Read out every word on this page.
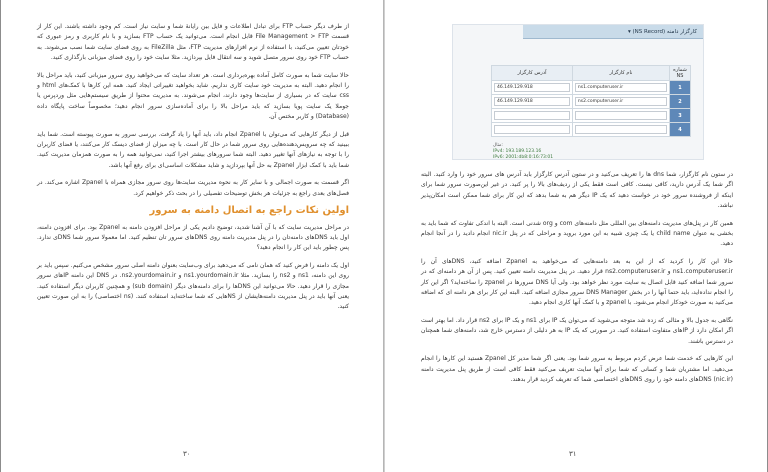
از طرف دیگر حساب FTP برای تبادل اطلاعات و فایل بین رایانهٔ شما و سایت نیاز است. کم وجود داشته باشند. این کار از قسمت File Management > FTP قابل انجام است. می‌توانید یک حساب FTP بسازید و با نام کاربری و رمز عبوری که خودتان تعیین می‌کنید، با استفاده از نرم افزارهای مدیریت FTP، مثل FileZilla به روی فضای سایت شما نصب می‌شوند. به حساب FTP خود روی سرور متصل شوید و سه انتقال فایل بپردازید. مثلا سایت خود را روی فضای میزبانی بارگذاری کنید.

حالا سایت شما به صورت کامل آماده بهره‌برداری است. هر تعداد سایت که می‌خواهید روی سرور میزبانی کنید، باید مراحل بالا را انجام دهید. البته به مدیریت خود سایت کاری نداریم. شاید بخواهید تغییراتی ایجاد کنید. همه این کارها با کمک‌های html و css سایت که در بسیاری از سایت‌ها وجود دارند، انجام می‌شوند. به مدیریت محتوا از طریق سیستم‌هایی مثل وردپرس یا جوملا یک سایت پویا بسازید که باید مراحل بالا را برای آماده‌سازی سرور انجام دهید؛ مخصوصاً ساخت پایگاه داده (Database) و کاربر مختص آن.

قبل از دیگر کارهایی که می‌توان با Zpanel انجام داد، باید آنها را یاد گرفت. بررسی سرور به صورت پیوسته است. شما باید ببینید که چه سرویس‌دهنده‌هایی روی سرور شما در حال کار است. با چه میزان از فضای دیسک کار می‌کنند، یا فضای کاربران را با توجه به نیازهای آنها تغییر دهید. البته شما سرورهای بیشتر اجرا کنید، نمی‌توانید همه را به صورت همزمان مدیریت کنید. شما باید با کمک ابزار Zpanel به حل آنها بپردازید و شاید مشکلات اساسی‌ای برای رفع آنها باشد.

اگر قسمت به صورت اجمالی و با سایر کار به نحوه مدیریت سایت‌ها روی سرور مجازی همراه با Zpanel اشاره می‌کند. در فصل‌های بعدی راجع به جزئیات هر بخش توضیحات تفصیلی را در بحث ذکر خواهیم کرد.

اولین نکات راجع به اتصال دامنه به سرور

در مراحل مدیریت سایت که با آن آشنا شدید، توضیح دادیم یکی از مراحل افزودن دامنه به Zpanel بود. برای افزودن دامنه، اول باید DNSهای دامنه‌تان را در پنل مدیریت دامنه روی DNSهای سرور تان تنظیم کنید. اما معمولا سرور شما DNSی ندارد. پس چطور باید این کار را انجام دهید؟

اول یک دامنه را فرض کنید که همان نامی که می‌دهید برای وب‌سایت بعنوان دامنه اصلی سرور مشخص می‌کنیم. سپس باید بر روی این دامنه، ns1 و ns2 را بسازید. مثلا ns1.yourdomain.ir و ns2.yourdomain.ir. در DNS این دامنه IPهای سرور مجازی را قرار دهید. حالا می‌توانید این DNSها را برای دامنه‌های دیگر (sub domain) و همچنین کاربران دیگر استفاده کنید. یعنی آنها باید در پنل مدیریت دامنه‌هایشان از NSهایی که شما ساخته‌اید استفاده کنند. (ns اختصاصی) را به این صورت تعیین کنید.

۳۰
کارگزار دامنه (NS Record) ▾
شماره NS	نام کارگزار	آدرس کارگزار
1	ns1.computeruser.ir	46.149.129.918

2	ns2.computeruser.ir	46.149.129.918

3	

4	

مثال:
IPv4: 193.189.123.16
IPv6: 2001:db8:0:16:73:01

در ستون نام کارگزار، شما dns ها را تعریف می‌کنید و در ستون آدرس کارگزار باید آدرس های سرور خود را وارد کنید. البته اگر شما یک آدرس دارید، کافی نیست. کافی است فقط یکی از ردیف‌های بالا را پر کنید. در غیر این‌صورت سرور شما برای اینکه از فروشنده سرور خود در خواست دهید که یک IP دیگر هم به شما بدهد که این کار برای شما ممکن است امکان‌پذیر نباشد.

همین کار در پنل‌های مدیریت دامنه‌های بین المللی مثل دامنه‌های com و org شدنی است. البته با اندکی تفاوت که شما باید به بخشی به عنوان child name یا یک چیزی شبیه به این مورد بروید و مراحلی که در پنل nic.ir انجام دادید را در آنجا انجام دهید.

حالا این کار را کردید که از این به بعد دامنه‌هایی که می‌خواهید به Zpanel اضافه کنید، DNSهای آن را ns1.computeruser.ir و ns2.computeruser.ir قرار دهید. در پنل مدیریت دامنه تعیین کنید. پس از آن هر دامنه‌ای که در سرور شما اضافه کنید قابل اتصال به سایت مورد نظر خواهد بود. ولی آیا DNS سرورها در zpanel را ساخته‌اید؟ اگر این کار را انجام نداده‌اید، باید حتما آنها را در بخش DNS Manager سرور مجازی اضافه کنید. البته این کار برای هر دامنه ای که اضافه می‌کنید به صورت خودکار انجام می‌شود. با zpanel و با کمک آنها کاری انجام دهید.

نگاهی به جدول بالا و مثالی که زده شد متوجه می‌شوید که می‌توان یک IP برای ns1 و یک IP برای ns2 قرار داد. اما بهتر است اگر امکان دارد از IPهای متفاوت استفاده کنید. در صورتی که یک IP به هر دلیلی از دسترس خارج شد، دامنه‌های شما همچنان در دسترس باشند.

این کارهایی که خدمت شما عرض کردم مربوط به سرور شما بود. یعنی اگر شما مدیر کل Zpanel هستید این کارها را انجام می‌دهید. اما مشتریان شما و کسانی که شما برای آنها سایت تعریف می‌کنید فقط کافی است از طریق پنل مدیریت دامنه (nic.ir) DNSهای دامنه خود را روی DNSهای اختصاصی شما که تعریف کردید قرار بدهند.

۳۱
